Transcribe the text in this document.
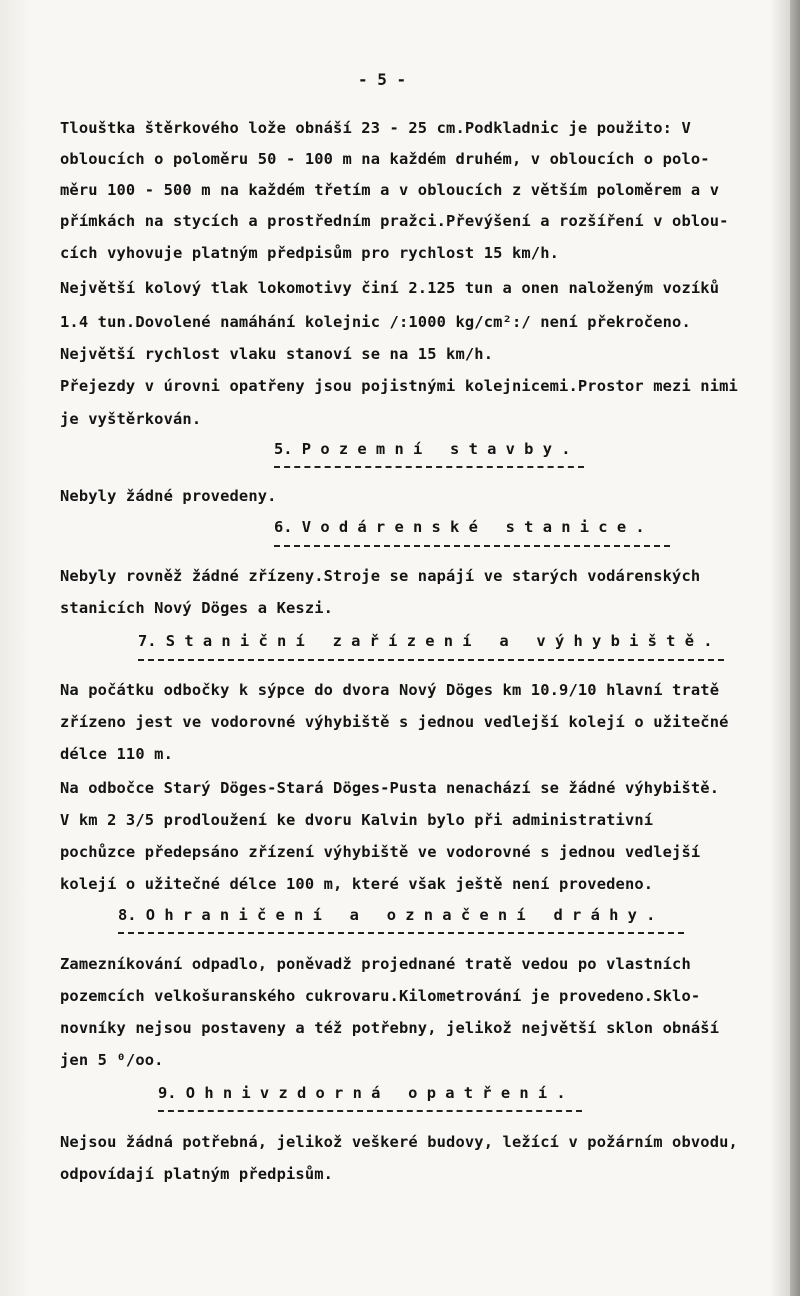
- 5 -
Tlouštka štěrkového lože obnáší 23 - 25 cm.Podkladnic je použito: V
obloucích o poloměru 50 - 100 m na každém druhém, v obloucích o polo-
měru 100 - 500 m na každém třetím a v obloucích z větším poloměrem a v
přímkách na stycích a prostředním pražci.Převýšení a rozšíření v oblou-
cích vyhovuje platným předpisům pro rychlost 15 km/h.
Největší kolový tlak lokomotivy činí 2.125 tun a onen naloženým vozíků
1.4 tun.Dovolené namáhání kolejnic /:1000 kg/cm²:/ není překročeno.
Největší rychlost vlaku stanoví se na 15 km/h.
Přejezdy v úrovni opatřeny jsou pojistnými kolejnicemi.Prostor mezi nimi
je vyštěrkován.
5. P o z e m n í   s t a v b y .
Nebyly žádné provedeny.
6. V o d á r e n s k é   s t a n i c e .
Nebyly rovněž žádné zřízeny.Stroje se napájí ve starých vodárenských
stanicích Nový Döges a Keszi.
7. S t a n i č n í   z a ř í z e n í   a   v ý h y b i š t ě .
Na počátku odbočky k sýpce do dvora Nový Döges km 10.9/10 hlavní tratě
zřízeno jest ve vodorovné výhybiště s jednou vedlejší kolejí o užitečné
délce 110 m.
Na odbočce Starý Döges-Stará Döges-Pusta nenachází se žádné výhybiště.
V km 2 3/5 prodloužení ke dvoru Kalvin bylo při administrativní
pochůzce předepsáno zřízení výhybiště ve vodorovné s jednou vedlejší
kolejí o užitečné délce 100 m, které však ještě není provedeno.
8. O h r a n i č e n í   a   o z n a č e n í   d r á h y .
Zamezníkování odpadlo, poněvadž projednané tratě vedou po vlastních
pozemcích velkošuranského cukrovaru.Kilometrování je provedeno.Sklo-
novníky nejsou postaveny a též potřebny, jelikož největší sklon obnáší
jen 5 ⁰/oo.
9. O h n i v z d o r n á   o p a t ř e n í .
Nejsou žádná potřebná, jelikož veškeré budovy, ležící v požárním obvodu,
odpovídají platným předpisům.
